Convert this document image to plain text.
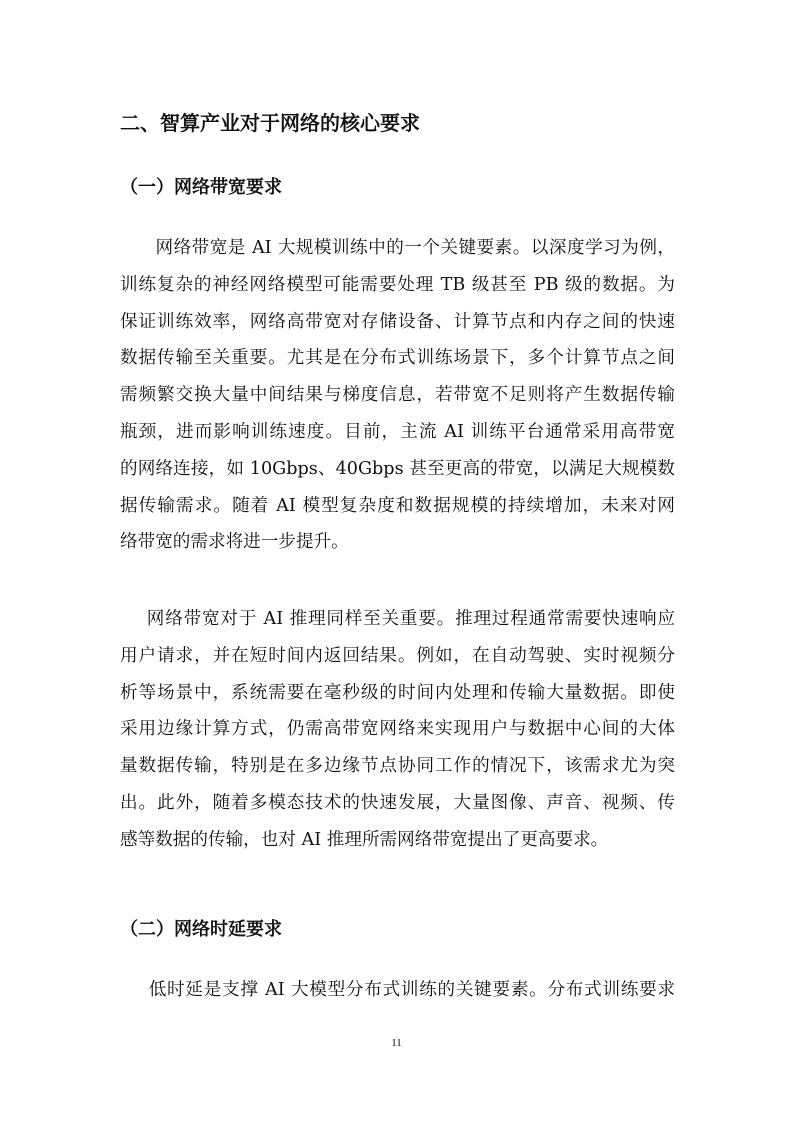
二、智算产业对于网络的核心要求
（一）网络带宽要求
网络带宽是 AI 大规模训练中的一个关键要素。以深度学习为例，
训练复杂的神经网络模型可能需要处理 TB 级甚至 PB 级的数据。为
保证训练效率，网络高带宽对存储设备、计算节点和内存之间的快速
数据传输至关重要。尤其是在分布式训练场景下，多个计算节点之间
需频繁交换大量中间结果与梯度信息，若带宽不足则将产生数据传输
瓶颈，进而影响训练速度。目前，主流 AI 训练平台通常采用高带宽
的网络连接，如 10Gbps、40Gbps 甚至更高的带宽，以满足大规模数
据传输需求。随着 AI 模型复杂度和数据规模的持续增加，未来对网
络带宽的需求将进一步提升。
网络带宽对于 AI 推理同样至关重要。推理过程通常需要快速响应
用户请求，并在短时间内返回结果。例如，在自动驾驶、实时视频分
析等场景中，系统需要在毫秒级的时间内处理和传输大量数据。即使
采用边缘计算方式，仍需高带宽网络来实现用户与数据中心间的大体
量数据传输，特别是在多边缘节点协同工作的情况下，该需求尤为突
出。此外，随着多模态技术的快速发展，大量图像、声音、视频、传
感等数据的传输，也对 AI 推理所需网络带宽提出了更高要求。
（二）网络时延要求
低时延是支撑 AI 大模型分布式训练的关键要素。分布式训练要求
11
